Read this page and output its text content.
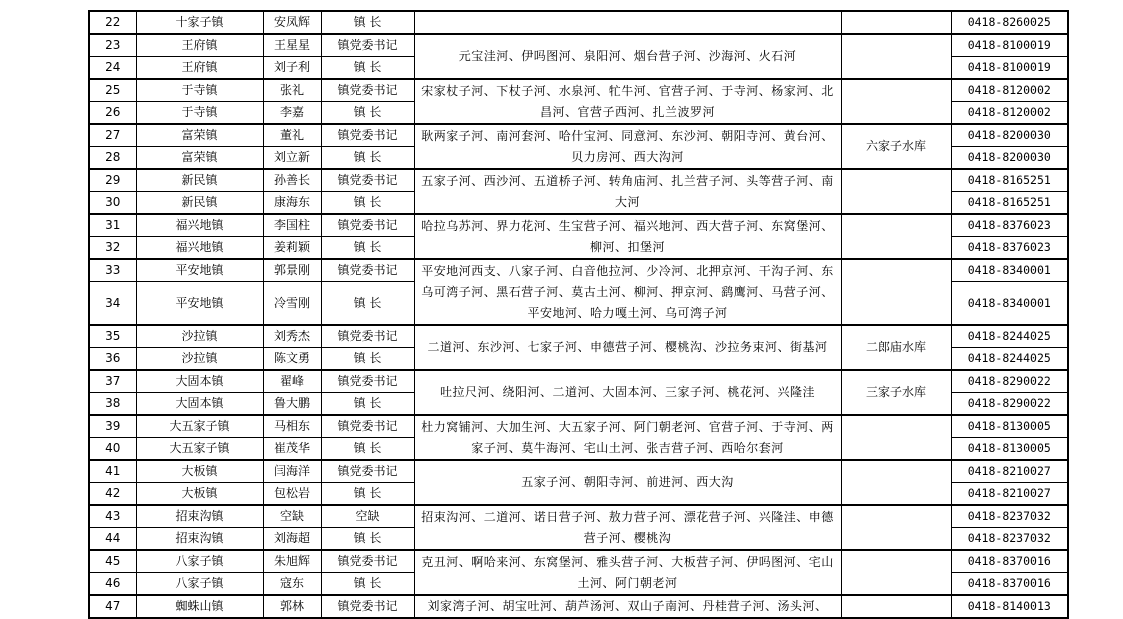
22	十家子镇	安凤辉	镇 长			0418-8260025
23	王府镇	王星星	镇党委书记	元宝洼河、伊吗图河、泉阳河、烟台营子河、沙海河、火石河		0418-8100019
24	王府镇	刘子利	镇 长			0418-8100019
25	于寺镇	张礼	镇党委书记	宋家杖子河、下杖子河、水泉河、牤牛河、官营子河、于寺河、杨家河、北昌河、官营子西河、扎兰波罗河		0418-8120002
26	于寺镇	李嘉	镇 长			0418-8120002
27	富荣镇	董礼	镇党委书记	耿两家子河、南河套河、哈什宝河、同意河、东沙河、朝阳寺河、黄台河、贝力房河、西大沟河	六家子水库	0418-8200030
28	富荣镇	刘立新	镇 长			0418-8200030
29	新民镇	孙善长	镇党委书记	五家子河、西沙河、五道桥子河、转角庙河、扎兰营子河、头等营子河、南大河		0418-8165251
30	新民镇	康海东	镇 长			0418-8165251
31	福兴地镇	李国柱	镇党委书记	哈拉乌苏河、界力花河、生宝营子河、福兴地河、西大营子河、东窝堡河、柳河、扣堡河		0418-8376023
32	福兴地镇	姜莉颖	镇 长			0418-8376023
33	平安地镇	郭景刚	镇党委书记	平安地河西支、八家子河、白音他拉河、少冷河、北押京河、干沟子河、东乌可湾子河、黑石营子河、莫古土河、柳河、押京河、鹞鹰河、马营子河、平安地河、哈力嘎土河、乌可湾子河		0418-8340001
34	平安地镇	冷雪刚	镇 长			0418-8340001
35	沙拉镇	刘秀杰	镇党委书记	二道河、东沙河、七家子河、申德营子河、樱桃沟、沙拉务束河、街基河	二郎庙水库	0418-8244025
36	沙拉镇	陈文勇	镇 长			0418-8244025
37	大固本镇	翟峰	镇党委书记	吐拉尺河、绕阳河、二道河、大固本河、三家子河、桃花河、兴隆洼	三家子水库	0418-8290022
38	大固本镇	鲁大鹏	镇 长			0418-8290022
39	大五家子镇	马相东	镇党委书记	杜力窝铺河、大加生河、大五家子河、阿门朝老河、官营子河、于寺河、两家子河、莫牛海河、宅山土河、张吉营子河、西哈尔套河		0418-8130005
40	大五家子镇	崔茂华	镇 长			0418-8130005
41	大板镇	闫海洋	镇党委书记	五家子河、朝阳寺河、前进河、西大沟		0418-8210027
42	大板镇	包松岩	镇 长			0418-8210027
43	招束沟镇	空缺	空缺	招束沟河、二道河、诺日营子河、敖力营子河、漂花营子河、兴隆洼、申德营子河、樱桃沟		0418-8237032
44	招束沟镇	刘海超	镇 长			0418-8237032
45	八家子镇	朱旭辉	镇党委书记	克丑河、啊哈来河、东窝堡河、雅头营子河、大板营子河、伊吗图河、宅山土河、阿门朝老河		0418-8370016
46	八家子镇	寇东	镇 长			0418-8370016
47	蜘蛛山镇	郭林	镇党委书记	刘家湾子河、胡宝吐河、葫芦汤河、双山子南河、丹桂营子河、汤头河、		0418-8140013
